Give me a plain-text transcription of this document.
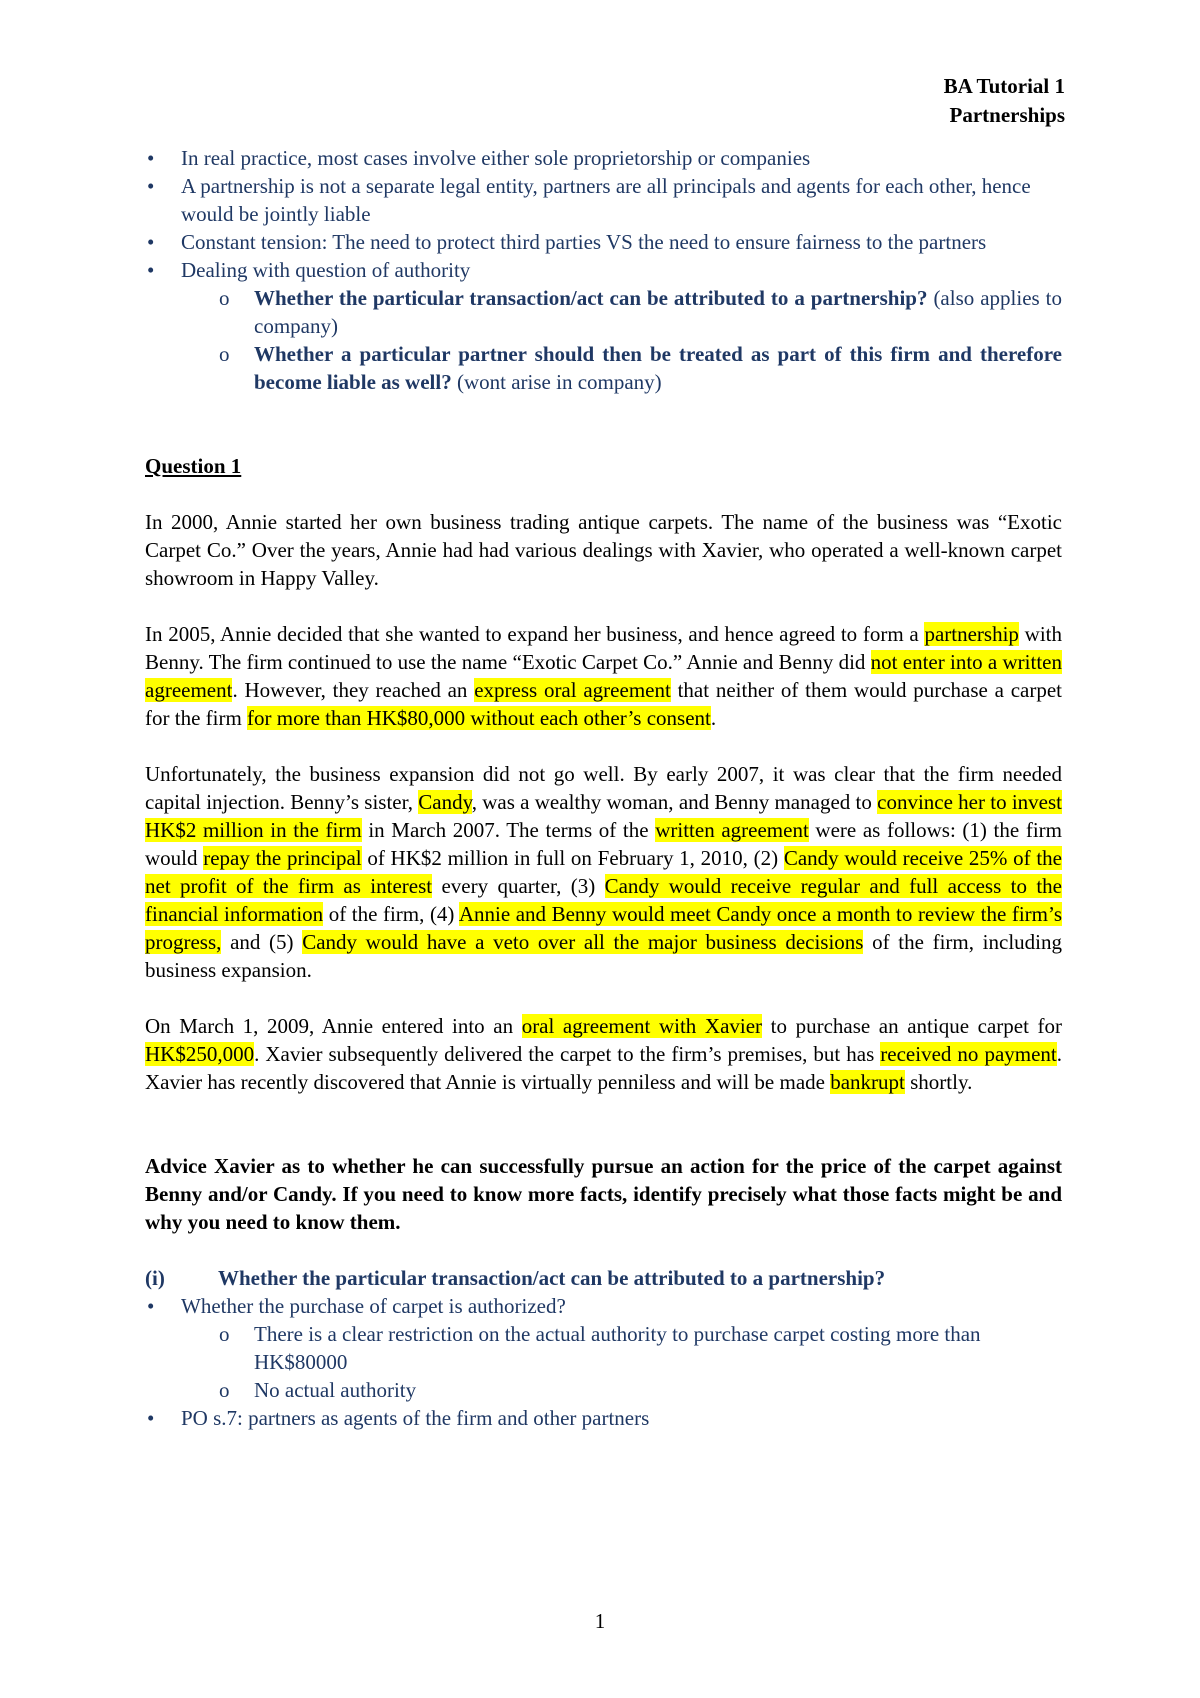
BA Tutorial 1
Partnerships
• In real practice, most cases involve either sole proprietorship or companies
• A partnership is not a separate legal entity, partners are all principals and agents for each other, hence would be jointly liable
• Constant tension: The need to protect third parties VS the need to ensure fairness to the partners
• Dealing with question of authority
o Whether the particular transaction/act can be attributed to a partnership? (also applies to company)
o Whether a particular partner should then be treated as part of this firm and therefore become liable as well? (wont arise in company)

Question 1

In 2000, Annie started her own business trading antique carpets. The name of the business was “Exotic Carpet Co.” Over the years, Annie had had various dealings with Xavier, who operated a well-known carpet showroom in Happy Valley.

In 2005, Annie decided that she wanted to expand her business, and hence agreed to form a partnership with Benny. The firm continued to use the name “Exotic Carpet Co.” Annie and Benny did not enter into a written agreement. However, they reached an express oral agreement that neither of them would purchase a carpet for the firm for more than HK$80,000 without each other’s consent.

Unfortunately, the business expansion did not go well. By early 2007, it was clear that the firm needed capital injection. Benny’s sister, Candy, was a wealthy woman, and Benny managed to convince her to invest HK$2 million in the firm in March 2007. The terms of the written agreement were as follows: (1) the firm would repay the principal of HK$2 million in full on February 1, 2010, (2) Candy would receive 25% of the net profit of the firm as interest every quarter, (3) Candy would receive regular and full access to the financial information of the firm, (4) Annie and Benny would meet Candy once a month to review the firm’s progress, and (5) Candy would have a veto over all the major business decisions of the firm, including business expansion.

On March 1, 2009, Annie entered into an oral agreement with Xavier to purchase an antique carpet for HK$250,000. Xavier subsequently delivered the carpet to the firm’s premises, but has received no payment. Xavier has recently discovered that Annie is virtually penniless and will be made bankrupt shortly.

Advice Xavier as to whether he can successfully pursue an action for the price of the carpet against Benny and/or Candy. If you need to know more facts, identify precisely what those facts might be and why you need to know them.

(i)	Whether the particular transaction/act can be attributed to a partnership?

• Whether the purchase of carpet is authorized?
o There is a clear restriction on the actual authority to purchase carpet costing more than HK$80000
o No actual authority
• PO s.7: partners as agents of the firm and other partners
1
